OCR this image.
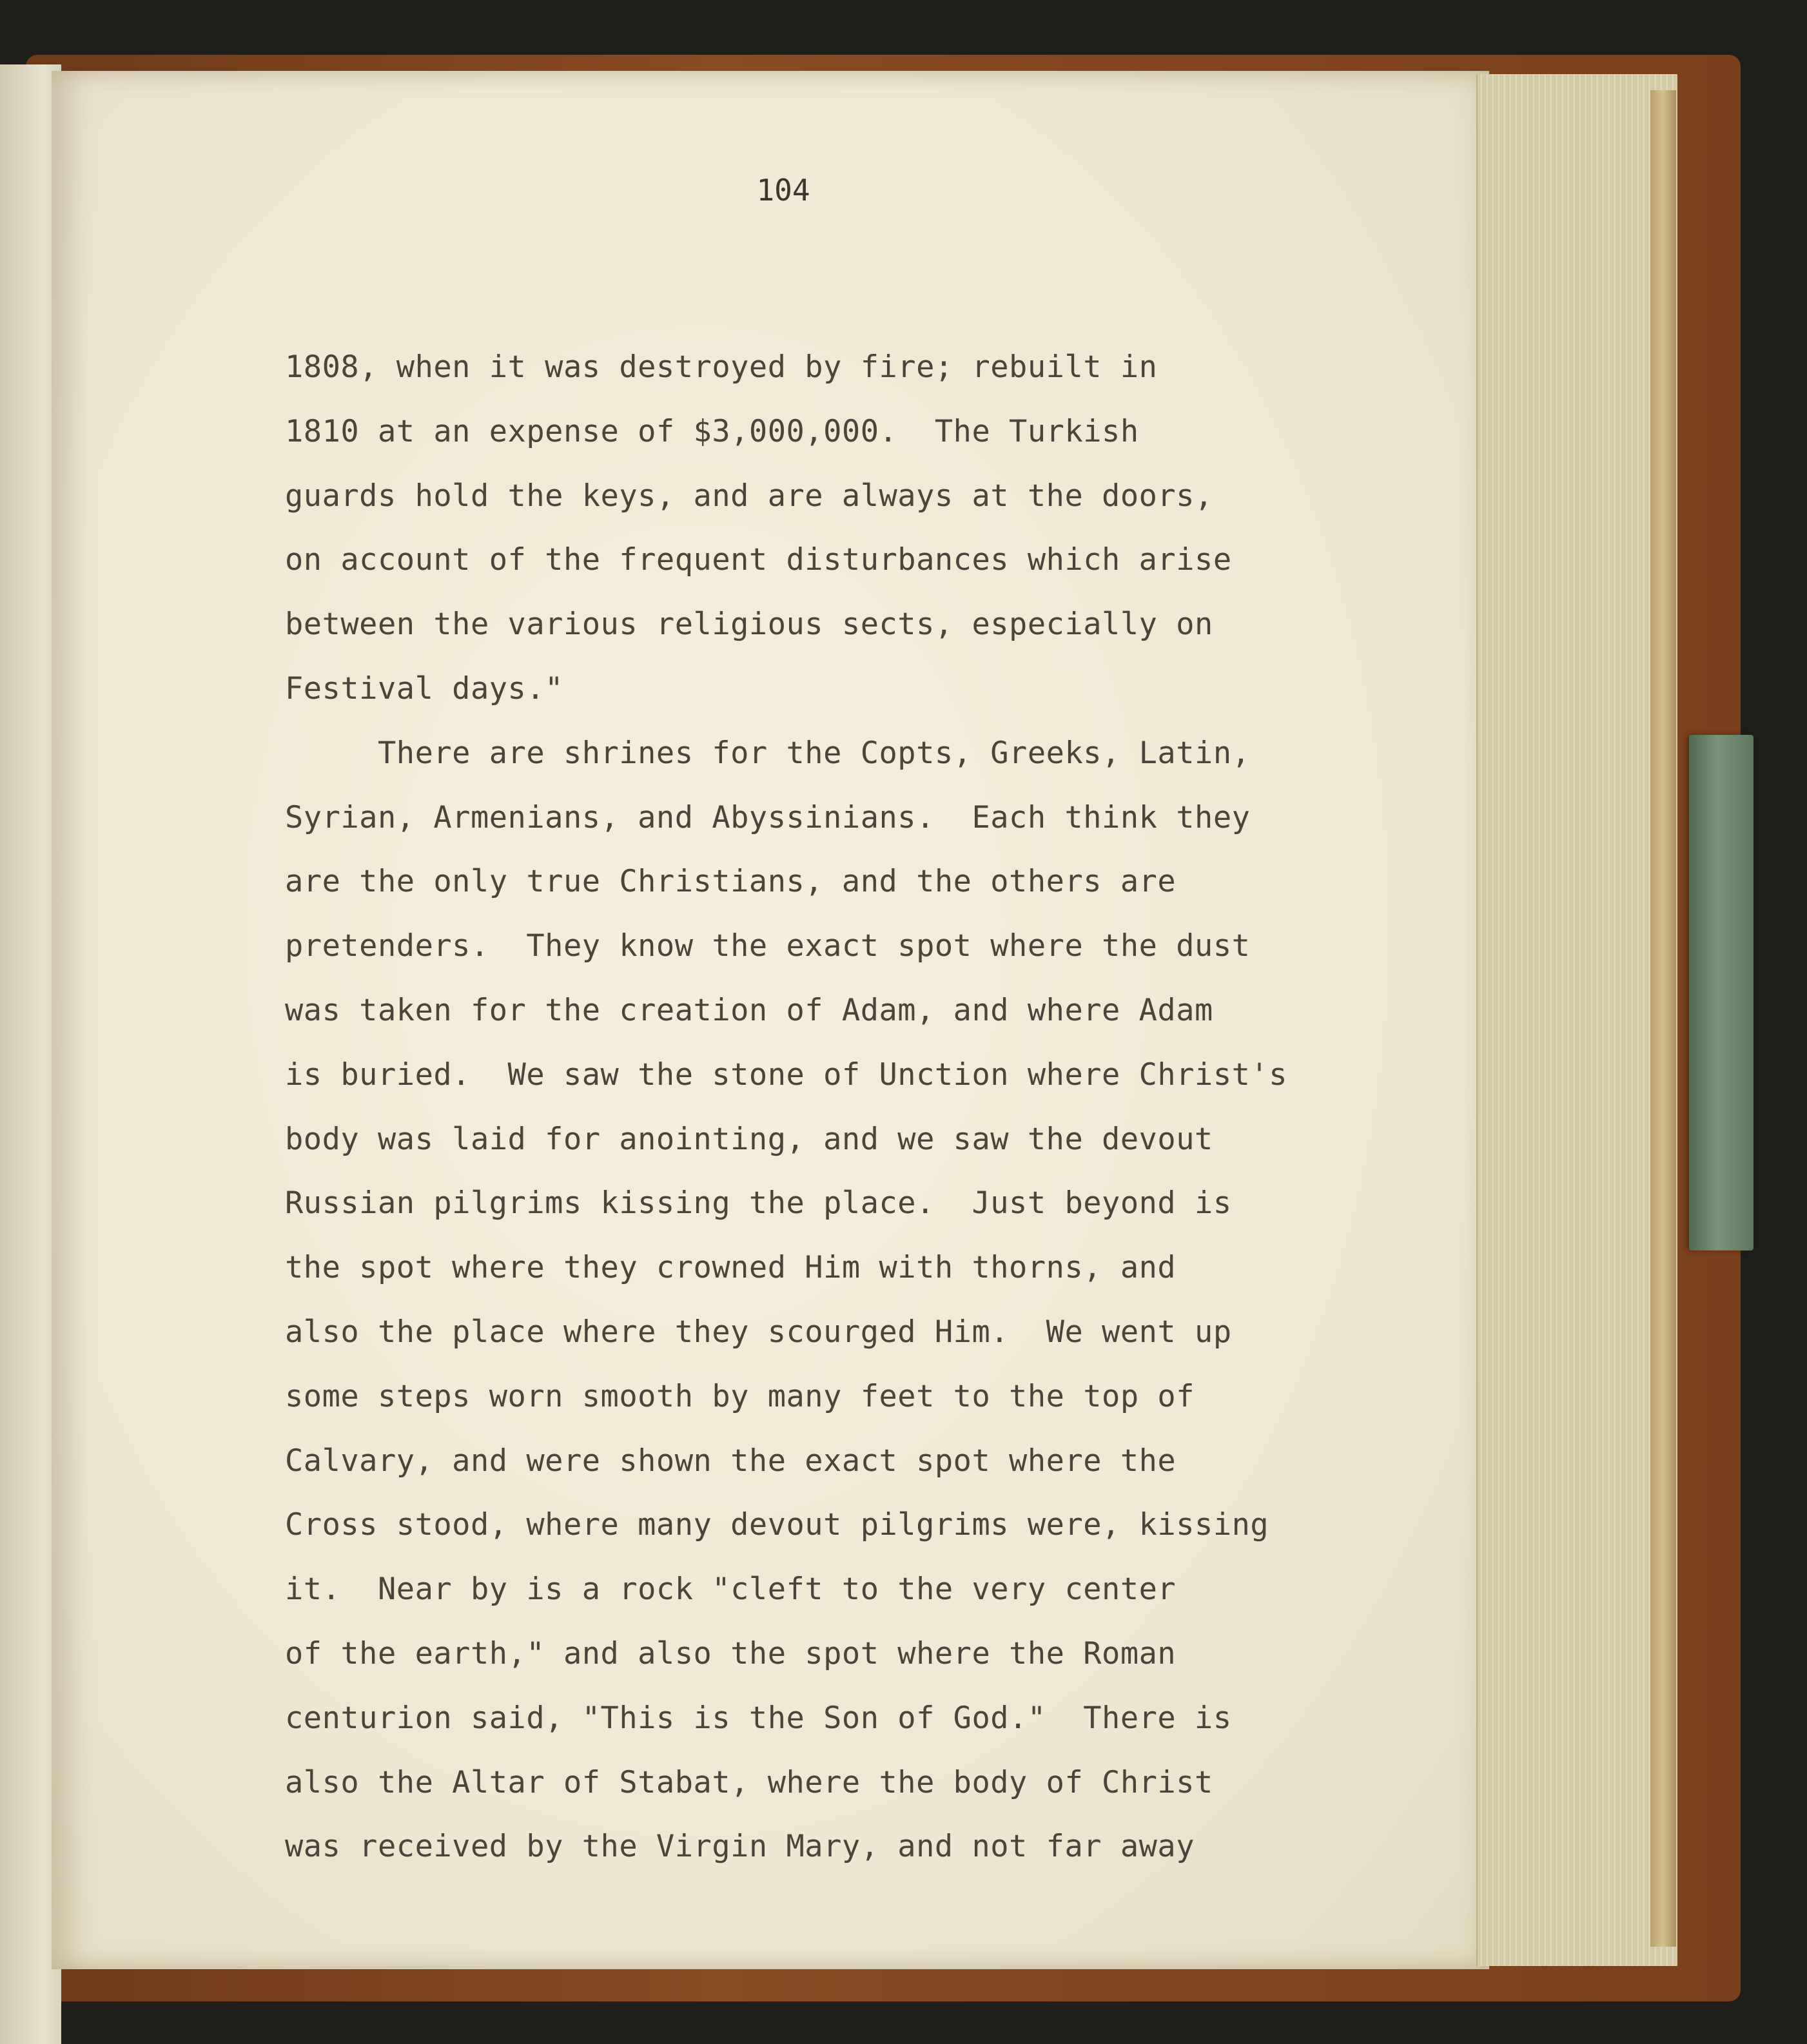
104
1808, when it was destroyed by fire; rebuilt in
1810 at an expense of $3,000,000.  The Turkish
guards hold the keys, and are always at the doors,
on account of the frequent disturbances which arise
between the various religious sects, especially on
Festival days."
There are shrines for the Copts, Greeks, Latin,
Syrian, Armenians, and Abyssinians.  Each think they
are the only true Christians, and the others are
pretenders.  They know the exact spot where the dust
was taken for the creation of Adam, and where Adam
is buried.  We saw the stone of Unction where Christ's
body was laid for anointing, and we saw the devout
Russian pilgrims kissing the place.  Just beyond is
the spot where they crowned Him with thorns, and
also the place where they scourged Him.  We went up
some steps worn smooth by many feet to the top of
Calvary, and were shown the exact spot where the
Cross stood, where many devout pilgrims were, kissing
it.  Near by is a rock "cleft to the very center
of the earth," and also the spot where the Roman
centurion said, "This is the Son of God."  There is
also the Altar of Stabat, where the body of Christ
was received by the Virgin Mary, and not far away
